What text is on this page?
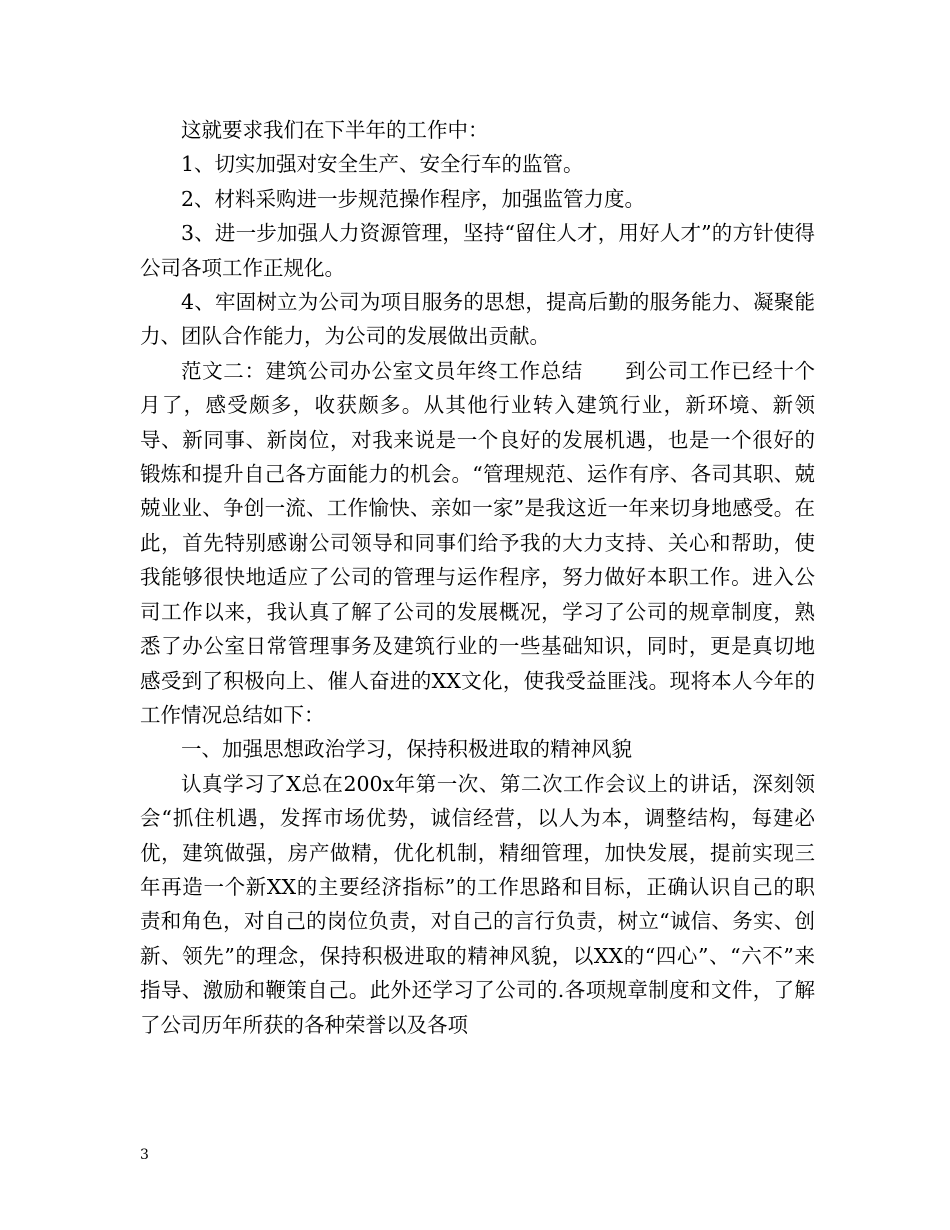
这就要求我们在下半年的工作中：

1、切实加强对安全生产、安全行车的监管。

2、材料采购进一步规范操作程序，加强监管力度。

3、进一步加强人力资源管理，坚持“留住人才，用好人才”的方针使得公司各项工作正规化。

4、牢固树立为公司为项目服务的思想，提高后勤的服务能力、凝聚能力、团队合作能力，为公司的发展做出贡献。

范文二：建筑公司办公室文员年终工作总结　　到公司工作已经十个月了，感受颇多，收获颇多。从其他行业转入建筑行业，新环境、新领导、新同事、新岗位，对我来说是一个良好的发展机遇，也是一个很好的锻炼和提升自己各方面能力的机会。“管理规范、运作有序、各司其职、兢兢业业、争创一流、工作愉快、亲如一家”是我这近一年来切身地感受。在此，首先特别感谢公司领导和同事们给予我的大力支持、关心和帮助，使我能够很快地适应了公司的管理与运作程序，努力做好本职工作。进入公司工作以来，我认真了解了公司的发展概况，学习了公司的规章制度，熟悉了办公室日常管理事务及建筑行业的一些基础知识，同时，更是真切地感受到了积极向上、催人奋进的XX文化，使我受益匪浅。现将本人今年的工作情况总结如下：

一、加强思想政治学习，保持积极进取的精神风貌

认真学习了X总在200x年第一次、第二次工作会议上的讲话，深刻领会“抓住机遇，发挥市场优势，诚信经营，以人为本，调整结构，每建必优，建筑做强，房产做精，优化机制，精细管理，加快发展，提前实现三年再造一个新XX的主要经济指标”的工作思路和目标，正确认识自己的职责和角色，对自己的岗位负责，对自己的言行负责，树立“诚信、务实、创新、领先”的理念，保持积极进取的精神风貌，以XX的“四心”、“六不”来指导、激励和鞭策自己。此外还学习了公司的.各项规章制度和文件，了解了公司历年所获的各种荣誉以及各项

3
